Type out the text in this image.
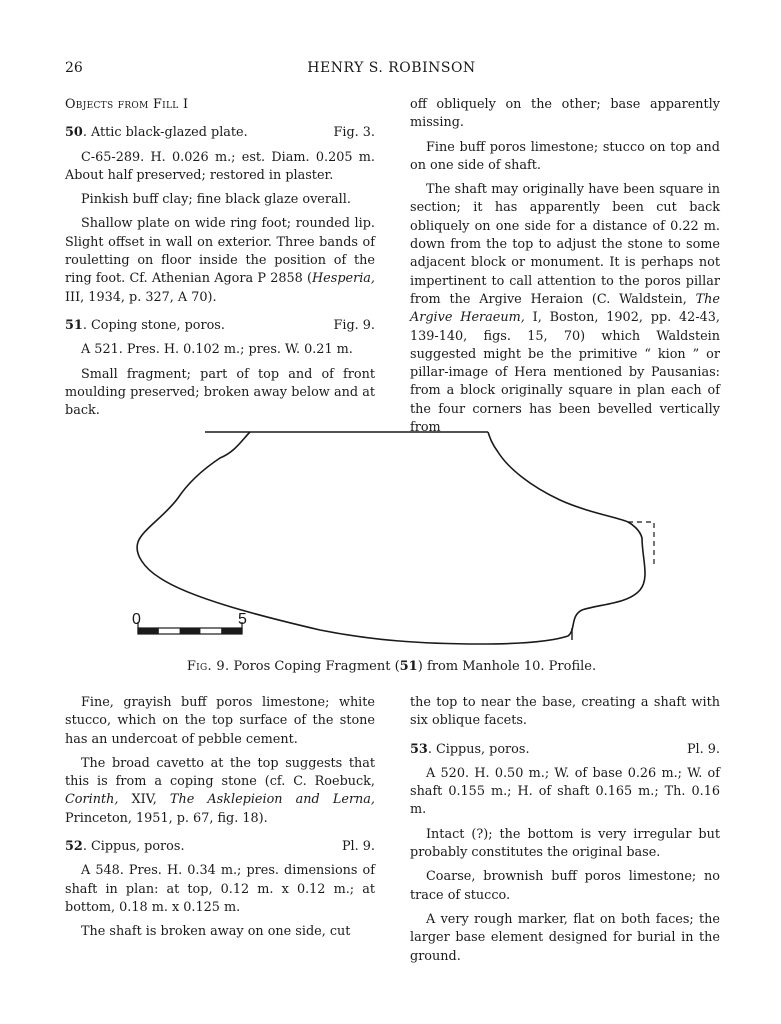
26	HENRY S. ROBINSON

Objects from Fill I

50. Attic black-glazed plate.	Fig. 3.

C-65-289. H. 0.026 m.; est. Diam. 0.205 m. About half preserved; restored in plaster.

Pinkish buff clay; fine black glaze overall.

Shallow plate on wide ring foot; rounded lip. Slight offset in wall on exterior. Three bands of rouletting on floor inside the position of the ring foot. Cf. Athenian Agora P 2858 (Hesperia, III, 1934, p. 327, A 70).

51. Coping stone, poros.	Fig. 9.

A 521. Pres. H. 0.102 m.; pres. W. 0.21 m.

Small fragment; part of top and of front moulding preserved; broken away below and at back.

off obliquely on the other; base apparently missing.

Fine buff poros limestone; stucco on top and on one side of shaft.

The shaft may originally have been square in section; it has apparently been cut back obliquely on one side for a distance of 0.22 m. down from the top to adjust the stone to some adjacent block or monument. It is perhaps not impertinent to call attention to the poros pillar from the Argive Heraion (C. Waldstein, The Argive Heraeum, I, Boston, 1902, pp. 42-43, 139-140, figs. 15, 70) which Waldstein suggested might be the primitive “ kion ” or pillar-image of Hera mentioned by Pausanias: from a block originally square in plan each of the four corners has been bevelled vertically from

0	5
Fig. 9. Poros Coping Fragment (51) from Manhole 10. Profile.

Fine, grayish buff poros limestone; white stucco, which on the top surface of the stone has an undercoat of pebble cement.

The broad cavetto at the top suggests that this is from a coping stone (cf. C. Roebuck, Corinth, XIV, The Asklepieion and Lerna, Princeton, 1951, p. 67, fig. 18).

52. Cippus, poros.	Pl. 9.

A 548. Pres. H. 0.34 m.; pres. dimensions of shaft in plan: at top, 0.12 m. x 0.12 m.; at bottom, 0.18 m. x 0.125 m.

The shaft is broken away on one side, cut

the top to near the base, creating a shaft with six oblique facets.

53. Cippus, poros.	Pl. 9.

A 520. H. 0.50 m.; W. of base 0.26 m.; W. of shaft 0.155 m.; H. of shaft 0.165 m.; Th. 0.16 m.

Intact (?); the bottom is very irregular but probably constitutes the original base.

Coarse, brownish buff poros limestone; no trace of stucco.

A very rough marker, flat on both faces; the larger base element designed for burial in the ground.
